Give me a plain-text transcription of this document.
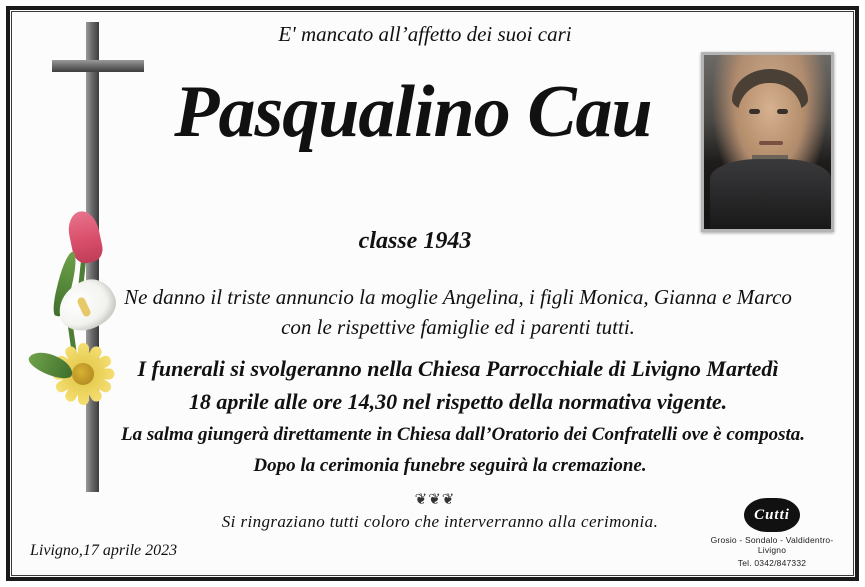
E' mancato all’affetto dei suoi cari
Pasqualino Cau
classe 1943
Ne danno il triste annuncio la moglie Angelina, i figli Monica, Gianna e Marco
con le rispettive famiglie ed i parenti tutti.
I funerali si svolgeranno nella Chiesa Parrocchiale di Livigno Martedì
18 aprile alle ore 14,30 nel rispetto della normativa vigente.
La salma giungerà direttamente in Chiesa dall’Oratorio dei Confratelli ove è composta.
Dopo la cerimonia funebre seguirà la cremazione.
❦❦❦
Si ringraziano tutti coloro che interverranno alla cerimonia.
Livigno,17 aprile 2023
Cutti
Grosio - Sondalo - Valdidentro-Livigno
Tel. 0342/847332
